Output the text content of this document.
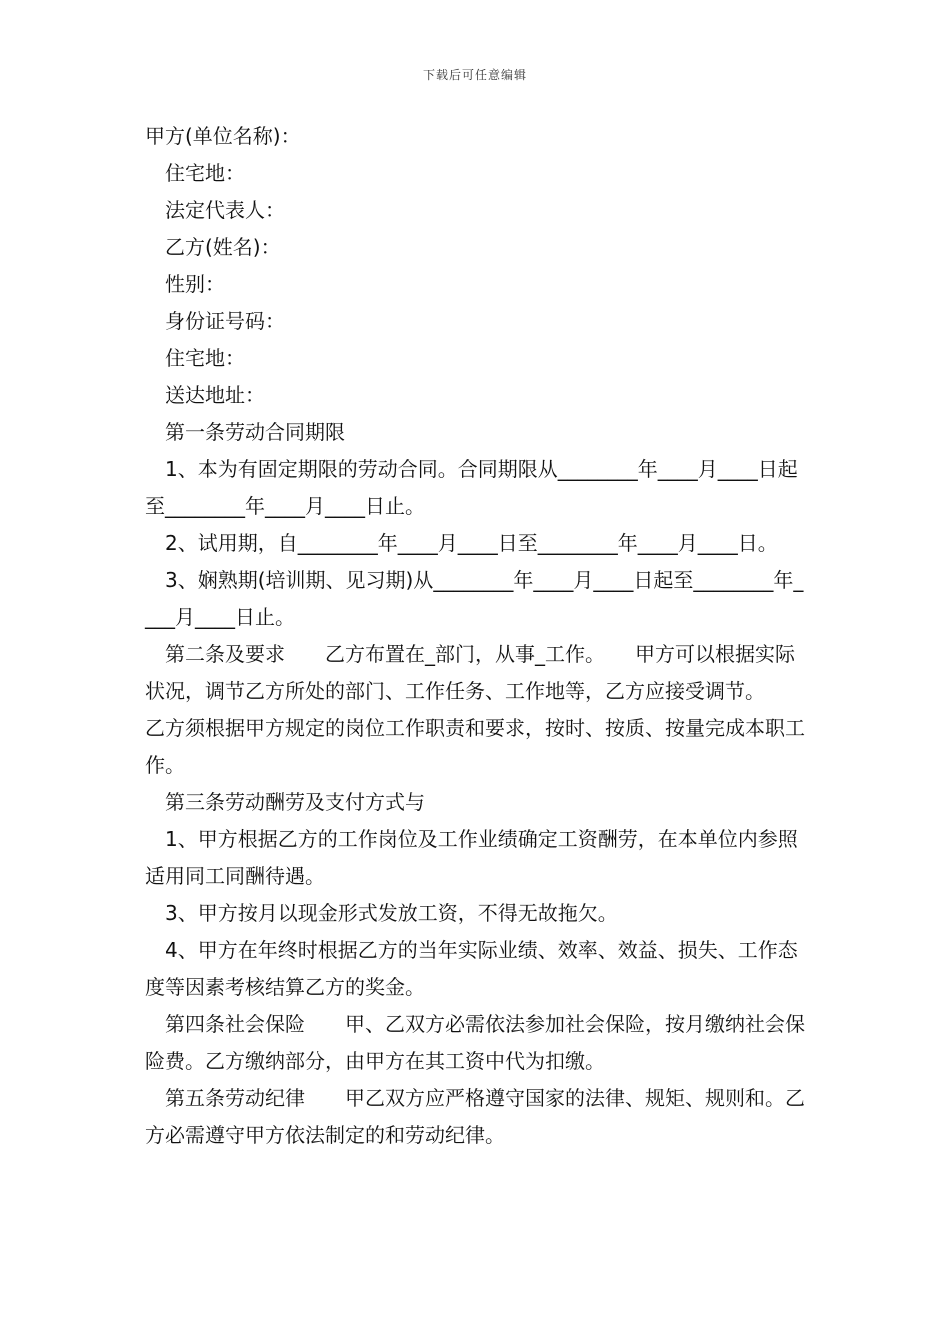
下载后可任意编辑

甲方(单位名称)：

住宅地：

法定代表人：

乙方(姓名)：

性别：

身份证号码：

住宅地：

送达地址：

第一条劳动合同期限

1、本为有固定期限的劳动合同。合同期限从________年____月____日起至________年____月____日止。

2、试用期，自________年____月____日至________年____月____日。

3、娴熟期(培训期、见习期)从________年____月____日起至________年____月____日止。

第二条及要求　　乙方布置在_部门，从事_工作。　　甲方可以根据实际状况，调节乙方所处的部门、工作任务、工作地等，乙方应接受调节。　　乙方须根据甲方规定的岗位工作职责和要求，按时、按质、按量完成本职工作。

第三条劳动酬劳及支付方式与

1、甲方根据乙方的工作岗位及工作业绩确定工资酬劳，在本单位内参照适用同工同酬待遇。

3、甲方按月以现金形式发放工资，不得无故拖欠。

4、甲方在年终时根据乙方的当年实际业绩、效率、效益、损失、工作态度等因素考核结算乙方的奖金。

第四条社会保险　　甲、乙双方必需依法参加社会保险，按月缴纳社会保险费。乙方缴纳部分，由甲方在其工资中代为扣缴。

第五条劳动纪律　　甲乙双方应严格遵守国家的法律、规矩、规则和。乙方必需遵守甲方依法制定的和劳动纪律。
